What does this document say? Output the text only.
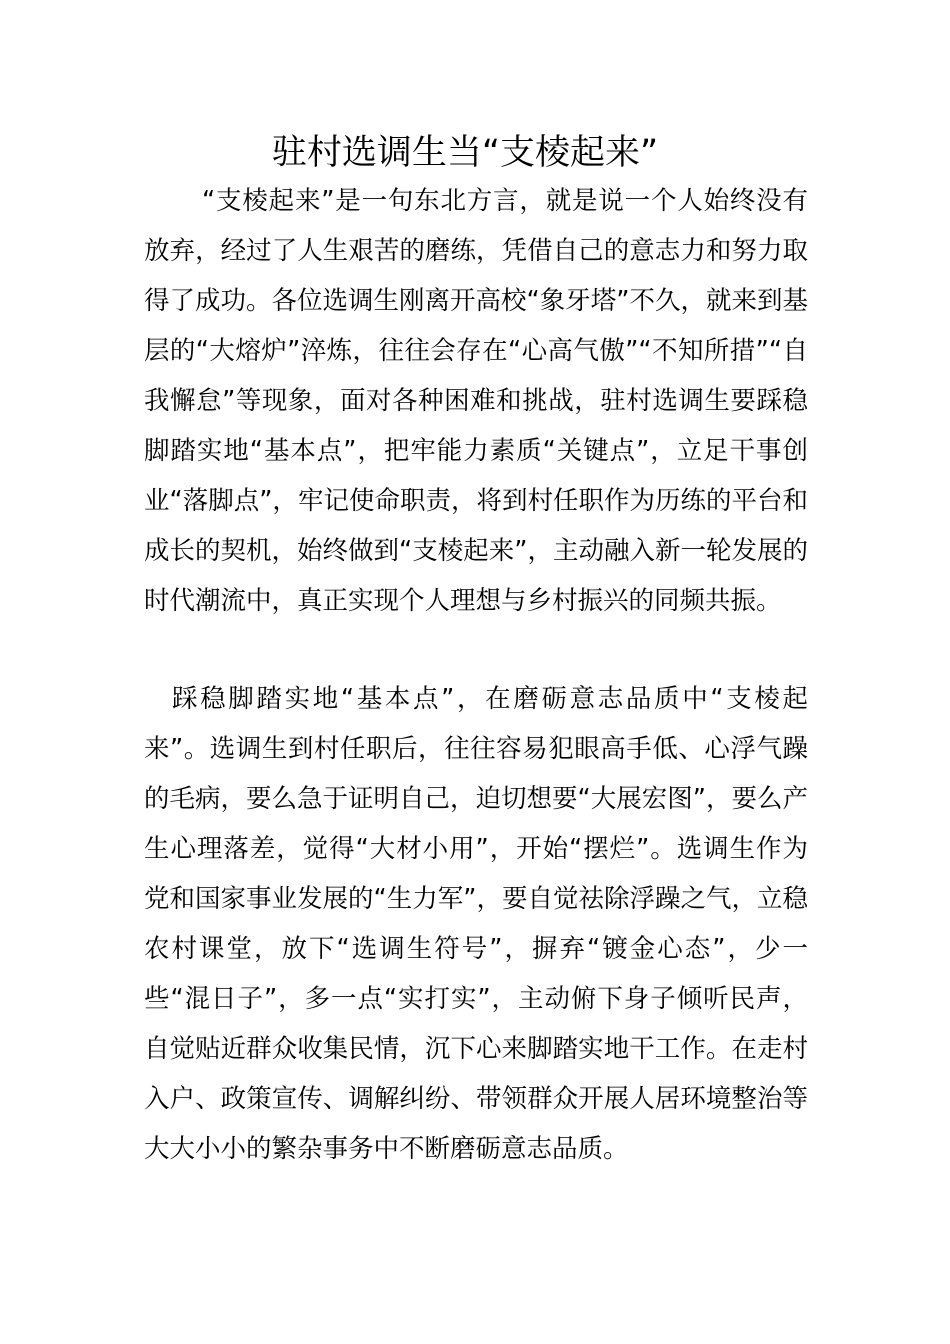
驻村选调生当“支棱起来”

“支棱起来”是一句东北方言，就是说一个人始终没有放弃，经过了人生艰苦的磨练，凭借自己的意志力和努力取得了成功。各位选调生刚离开高校“象牙塔”不久，就来到基层的“大熔炉”淬炼，往往会存在“心高气傲”“不知所措”“自我懈怠”等现象，面对各种困难和挑战，驻村选调生要踩稳脚踏实地“基本点”，把牢能力素质“关键点”，立足干事创业“落脚点”，牢记使命职责，将到村任职作为历练的平台和成长的契机，始终做到“支棱起来”，主动融入新一轮发展的时代潮流中，真正实现个人理想与乡村振兴的同频共振。

踩稳脚踏实地“基本点”，在磨砺意志品质中“支棱起来”。选调生到村任职后，往往容易犯眼高手低、心浮气躁的毛病，要么急于证明自己，迫切想要“大展宏图”，要么产生心理落差，觉得“大材小用”，开始“摆烂”。选调生作为党和国家事业发展的“生力军”，要自觉祛除浮躁之气，立稳农村课堂，放下“选调生符号”，摒弃“镀金心态”，少一些“混日子”，多一点“实打实”，主动俯下身子倾听民声，自觉贴近群众收集民情，沉下心来脚踏实地干工作。在走村入户、政策宣传、调解纠纷、带领群众开展人居环境整治等大大小小的繁杂事务中不断磨砺意志品质。
